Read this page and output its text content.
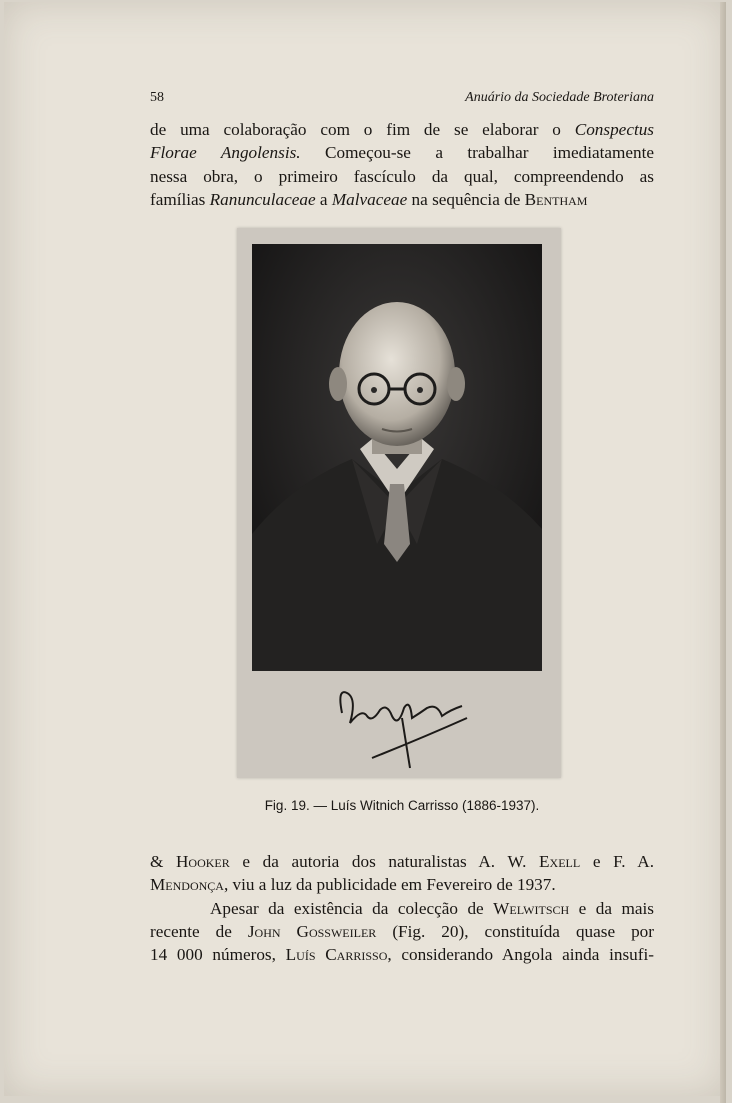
58	Anuário da Sociedade Broteriana
de uma colaboração com o fim de se elaborar o Conspectus
Florae Angolensis. Começou-se a trabalhar imediatamente
nessa obra, o primeiro fascículo da qual, compreendendo as
famílias Ranunculaceae a Malvaceae na sequência de Bentham
Fig. 19. — Luís Witnich Carrisso (1886-1937).
& Hooker e da autoria dos naturalistas A. W. Exell e F. A.
Mendonça, viu a luz da publicidade em Fevereiro de 1937.
Apesar da existência da colecção de Welwitsch e da mais
recente de John Gossweiler (Fig. 20), constituída quase por
14 000 números, Luís Carrisso, considerando Angola ainda insufi-
